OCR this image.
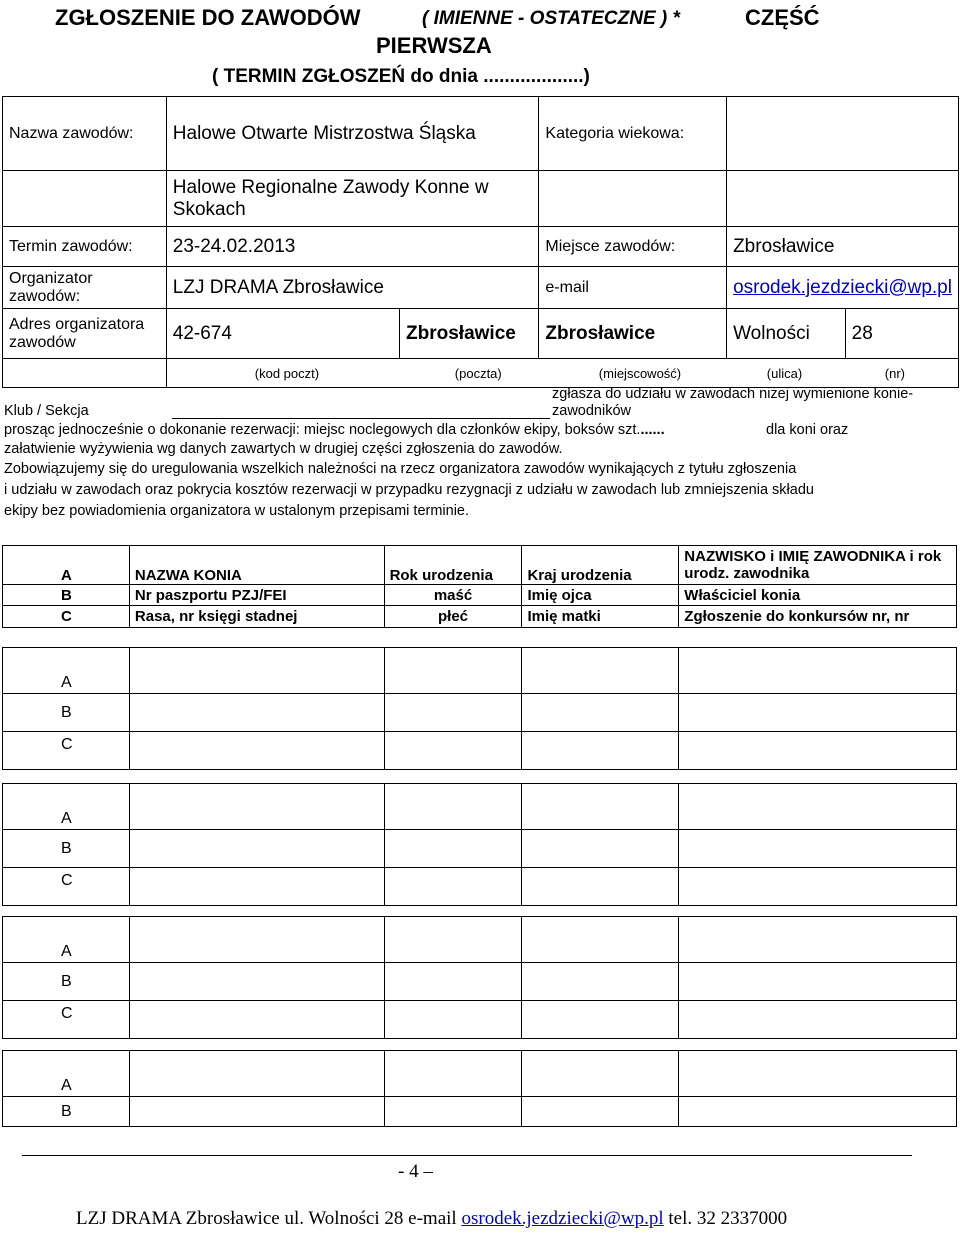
ZGŁOSZENIE DO ZAWODÓW	( IMIENNE - OSTATECZNE ) *	CZĘŚĆ
PIERWSZA
( TERMIN ZGŁOSZEŃ do dnia ...................)
Nazwa zawodów:	Halowe Otwarte Mistrzostwa Śląska		Kategoria wiekowa:		
	Halowe Regionalne Zawody Konne w Skokach				
Termin zawodów:	23-24.02.2013		Miejsce zawodów:	Zbrosławice	
Organizator zawodów:	LZJ DRAMA Zbrosławice		e-mail	osrodek.jezdziecki@wp.pl	
Adres organizatora zawodów	42-674	Zbrosławice	Zbrosławice	Wolności	28

	(kod poczt) (poczta) (miejscowość) (ulica) (nr)				
zgłasza do udziału w zawodach niżej wymienione konie-
Klub / Sekcja	zawodników
prosząc jednocześnie o dokonanie rezerwacji: miejsc noclegowych dla członków ekipy, boksów szt.......	dla koni oraz
załatwienie wyżywienia wg danych zawartych w drugiej części zgłoszenia do zawodów.
Zobowiązujemy się do uregulowania wszelkich należności na rzecz organizatora zawodów wynikających z tytułu zgłoszenia
i udziału w zawodach oraz pokrycia kosztów rezerwacji w przypadku rezygnacji z udziału w zawodach lub zmniejszenia składu
ekipy bez powiadomienia organizatora w ustalonym przepisami terminie.
A	NAZWA KONIA	Rok urodzenia	Kraj urodzenia	NAZWISKO i IMIĘ ZAWODNIKA i rok urodz. zawodnika
B	Nr paszportu PZJ/FEI	maść	Imię ojca	Właściciel konia
C	Rasa, nr księgi stadnej	płeć	Imię matki	Zgłoszenie do konkursów nr, nr
A				
B				
C				
A				
B				
C				
A				
B				
C				
A				
B				
- 4 –
LZJ DRAMA Zbrosławice ul. Wolności 28 e-mail osrodek.jezdziecki@wp.pl tel. 32 2337000
